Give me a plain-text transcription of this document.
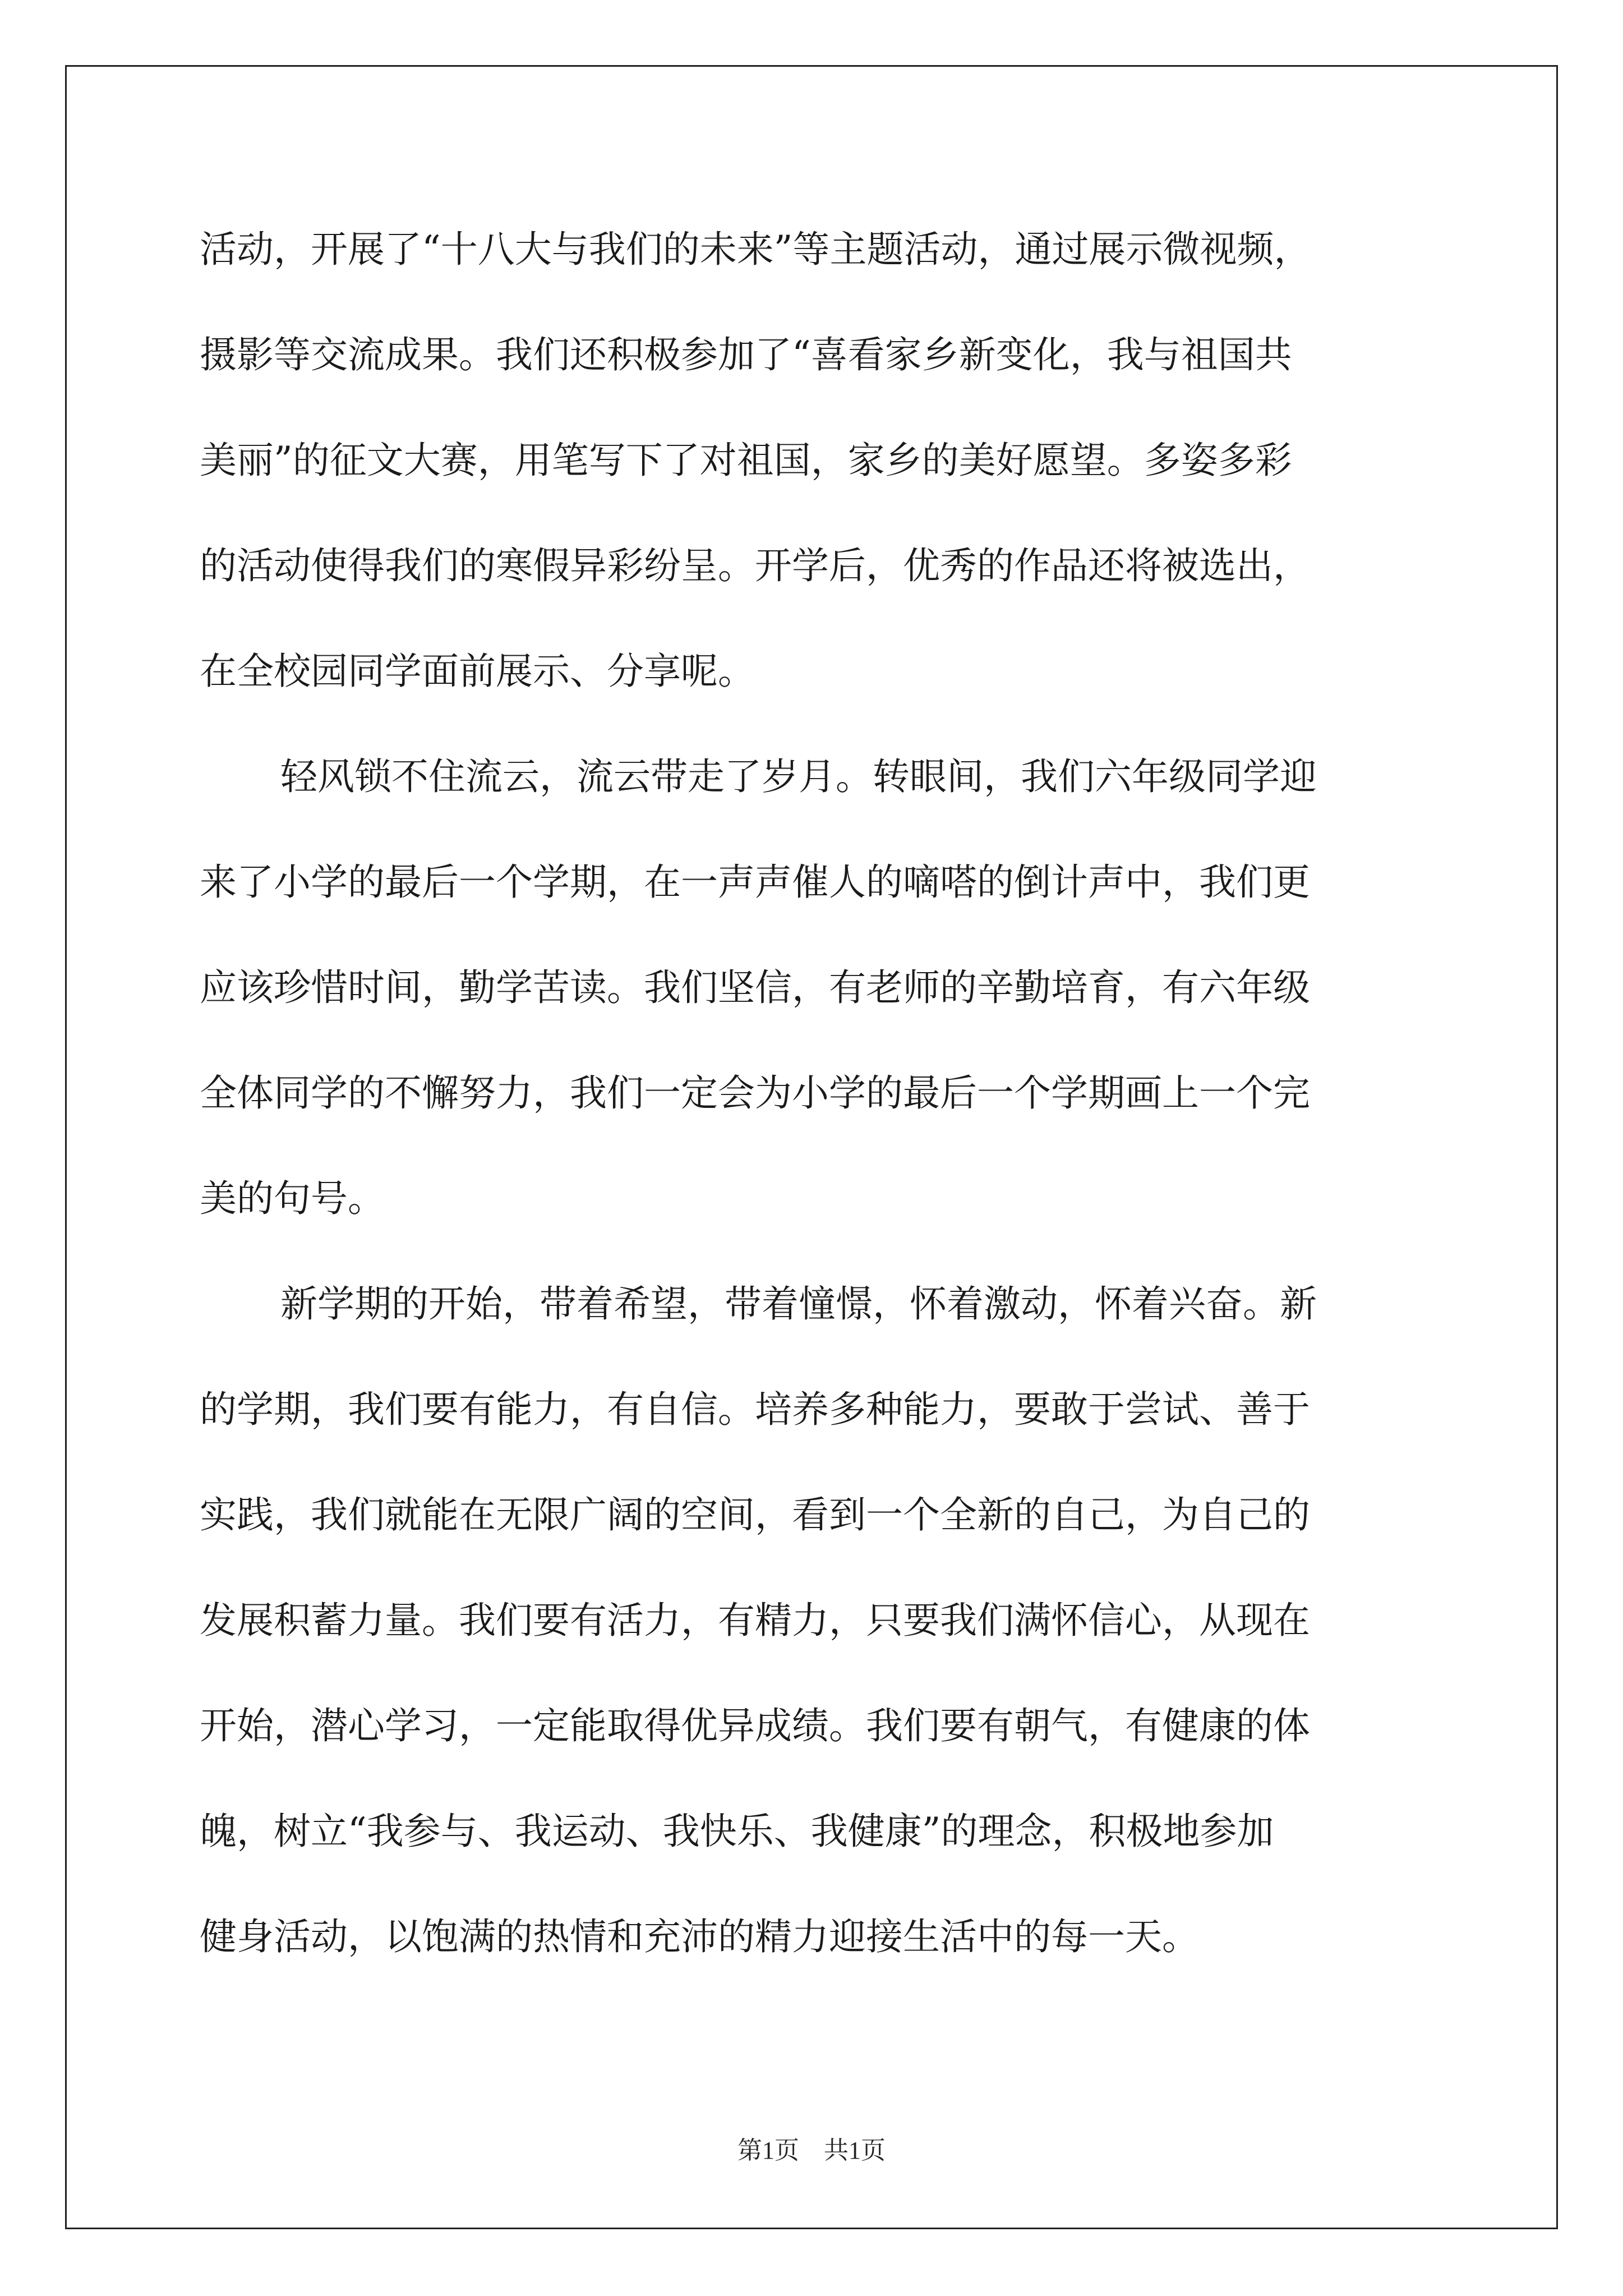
活动，开展了“十八大与我们的未来”等主题活动，通过展示微视频，
摄影等交流成果。我们还积极参加了“喜看家乡新变化，我与祖国共
美丽”的征文大赛，用笔写下了对祖国，家乡的美好愿望。多姿多彩
的活动使得我们的寒假异彩纷呈。开学后，优秀的作品还将被选出，
在全校园同学面前展示、分享呢。
轻风锁不住流云，流云带走了岁月。转眼间，我们六年级同学迎
来了小学的最后一个学期，在一声声催人的嘀嗒的倒计声中，我们更
应该珍惜时间，勤学苦读。我们坚信，有老师的辛勤培育，有六年级
全体同学的不懈努力，我们一定会为小学的最后一个学期画上一个完
美的句号。
新学期的开始，带着希望，带着憧憬，怀着激动，怀着兴奋。新
的学期，我们要有能力，有自信。培养多种能力，要敢于尝试、善于
实践，我们就能在无限广阔的空间，看到一个全新的自己，为自己的
发展积蓄力量。我们要有活力，有精力，只要我们满怀信心，从现在
开始，潜心学习，一定能取得优异成绩。我们要有朝气，有健康的体
魄，树立“我参与、我运动、我快乐、我健康”的理念，积极地参加
健身活动，以饱满的热情和充沛的精力迎接生活中的每一天。
第1页　共1页
